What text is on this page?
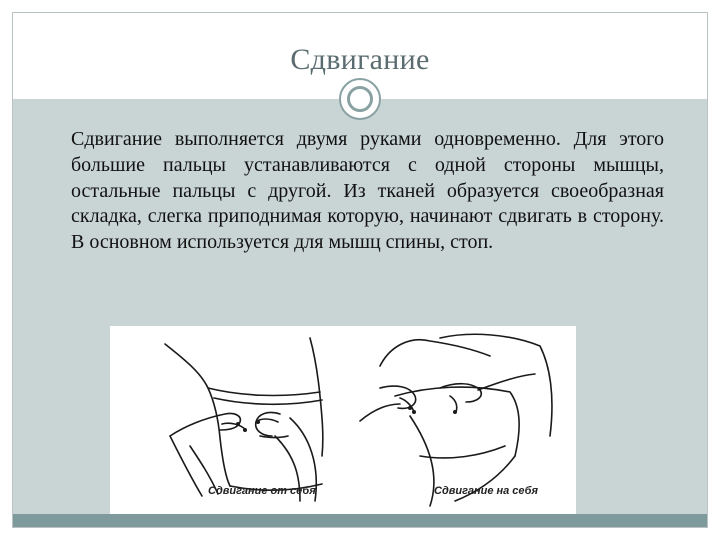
Сдвигание

Сдвигание выполняется двумя руками одновременно. Для этого большие пальцы устанавливаются с одной стороны мышцы, остальные пальцы с другой. Из тканей образуется своеобразная складка, слегка приподнимая которую, начинают сдвигать в сторону. В основном используется для мышц спины, стоп.

Сдвигание от себя	Сдвигание на себя
